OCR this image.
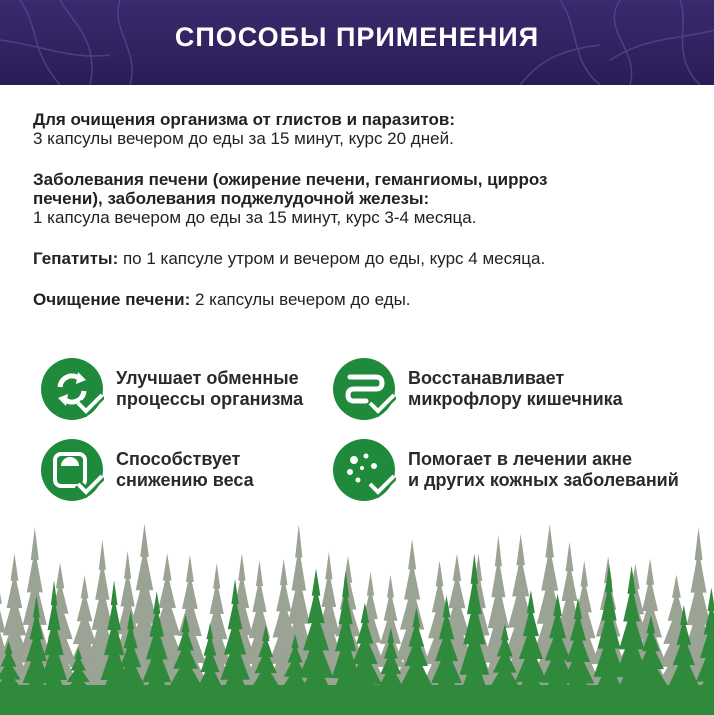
СПОСОБЫ ПРИМЕНЕНИЯ

Для очищения организма от глистов и паразитов:
3 капсулы вечером до еды за 15 минут, курс 20 дней.

Заболевания печени (ожирение печени, гемангиомы, цирроз
печени), заболевания поджелудочной железы:
1 капсула вечером до еды за 15 минут, курс 3-4 месяца.

Гепатиты: по 1 капсуле утром и вечером до еды, курс 4 месяца.

Очищение печени: 2 капсулы вечером до еды.

Улучшает обменные
процессы организма
Восстанавливает
микрофлору кишечника
Способствует
снижению веса
Помогает в лечении акне
и других кожных заболеваний
